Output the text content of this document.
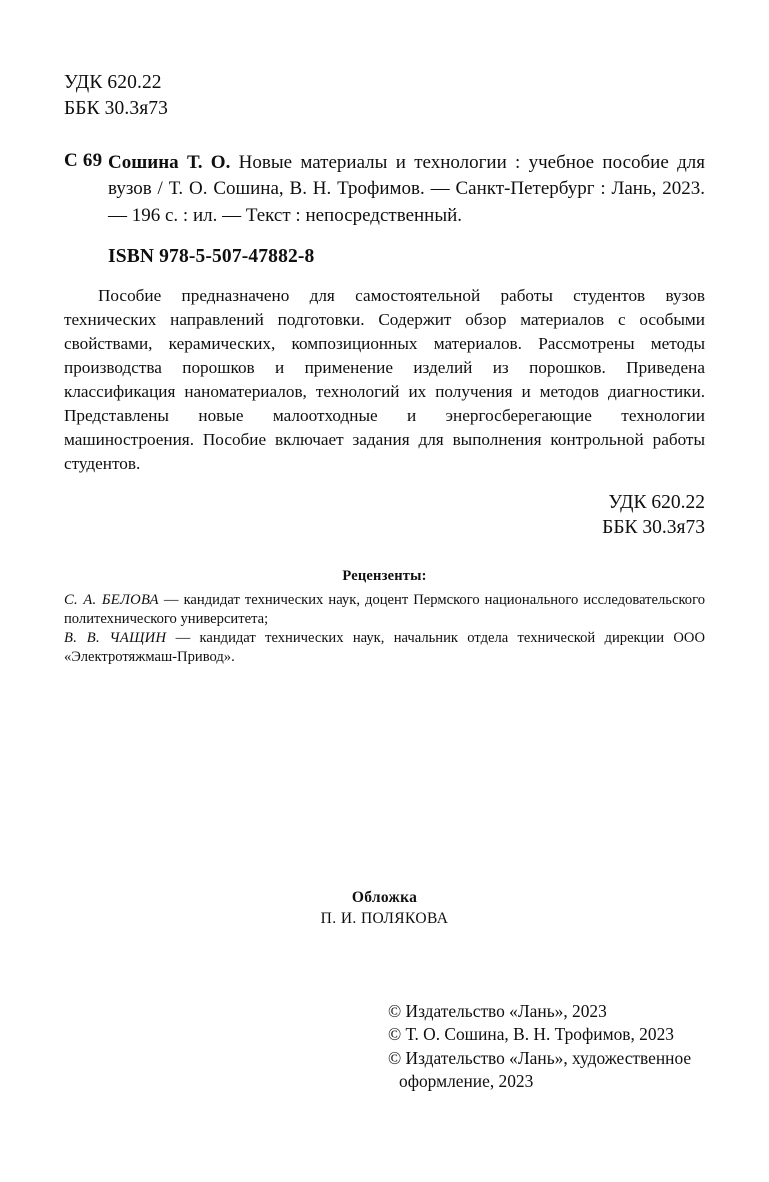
УДК 620.22
ББК 30.3я73
С 69 Сошина Т. О. Новые материалы и технологии : учебное пособие для вузов / Т. О. Сошина, В. Н. Трофимов. — Санкт-Петербург : Лань, 2023. — 196 с. : ил. — Текст : непосредственный.
ISBN 978-5-507-47882-8
Пособие предназначено для самостоятельной работы студентов вузов технических направлений подготовки. Содержит обзор материалов с особыми свойствами, керамических, композиционных материалов. Рассмотрены методы производства порошков и применение изделий из порошков. Приведена классификация наноматериалов, технологий их получения и методов диагностики. Представлены новые малоотходные и энергосберегающие технологии машиностроения. Пособие включает задания для выполнения контрольной работы студентов.
УДК 620.22
ББК 30.3я73
Рецензенты:
С. А. БЕЛОВА — кандидат технических наук, доцент Пермского национального исследовательского политехнического университета;
В. В. ЧАЩИН — кандидат технических наук, начальник отдела технической дирекции ООО «Электротяжмаш-Привод».
Обложка
П. И. ПОЛЯКОВА
© Издательство «Лань», 2023
© Т. О. Сошина, В. Н. Трофимов, 2023
© Издательство «Лань», художественное
оформление, 2023
